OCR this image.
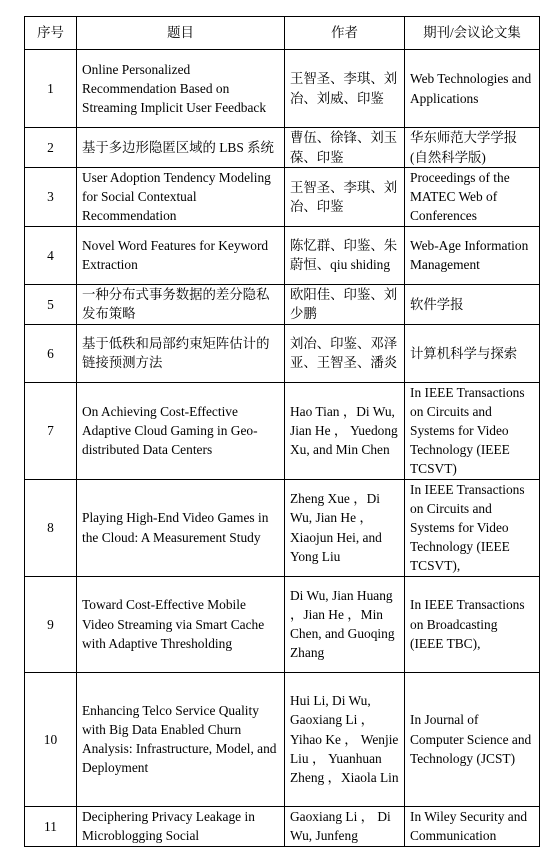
序号	题目	作者	期刊/会议论文集
1	Online Personalized Recommendation Based on Streaming Implicit User Feedback	王智圣、李琪、刘冶、刘威、印鉴	Web Technologies and Applications
2	基于多边形隐匿区域的 LBS 系统	曹伍、徐锋、刘玉葆、印鉴	华东师范大学学报(自然科学版)
3	User Adoption Tendency Modeling for Social Contextual Recommendation	王智圣、李琪、刘冶、印鉴	Proceedings of the MATEC Web of Conferences
4	Novel Word Features for Keyword Extraction	陈忆群、印鉴、朱蔚恒、qiu shiding	Web-Age Information Management
5	一种分布式事务数据的差分隐私发布策略	欧阳佳、印鉴、刘少鹏	软件学报
6	基于低秩和局部约束矩阵估计的链接预测方法	刘冶、印鉴、邓泽亚、王智圣、潘炎	计算机科学与探索
7	On Achieving Cost-Effective Adaptive Cloud Gaming in Geo-distributed Data Centers	Hao Tian ，Di Wu, Jian He ， Yuedong Xu, and Min Chen	In IEEE Transactions on Circuits and Systems for Video Technology (IEEE TCSVT)
8	Playing High-End Video Games in the Cloud: A Measurement Study	Zheng Xue ，Di Wu, Jian He ， Xiaojun Hei, and Yong Liu	In IEEE Transactions on Circuits and Systems for Video Technology (IEEE TCSVT),
9	Toward Cost-Effective Mobile Video Streaming via Smart Cache with Adaptive Thresholding	Di Wu, Jian Huang ，Jian He ，Min Chen, and Guoqing Zhang	In IEEE Transactions on Broadcasting (IEEE TBC),
10	Enhancing Telco Service Quality with Big Data Enabled Churn Analysis: Infrastructure, Model, and Deployment	Hui Li, Di Wu, Gaoxiang Li ， Yihao Ke ， Wenjie Liu ， Yuanhuan Zheng ，Xiaola Lin	In Journal of Computer Science and Technology (JCST)
11	Deciphering Privacy Leakage in Microblogging Social	Gaoxiang Li ， Di Wu, Junfeng	In Wiley Security and Communication
